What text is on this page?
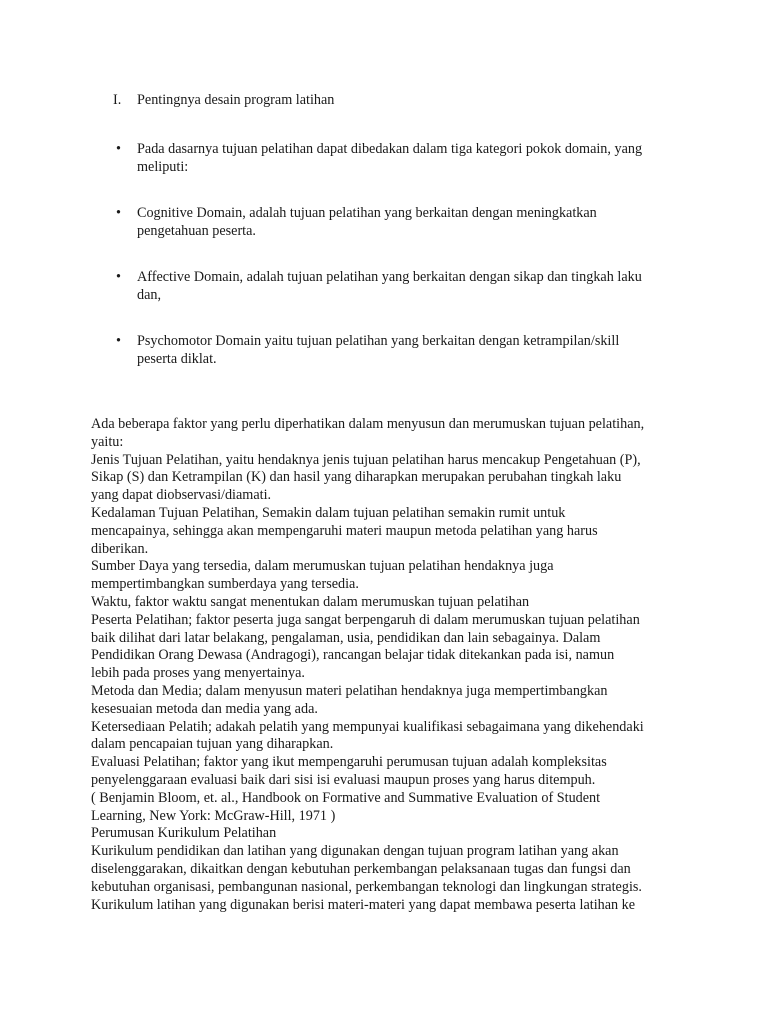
I. Pentingnya desain program latihan
• Pada dasarnya tujuan pelatihan dapat dibedakan dalam tiga kategori pokok domain, yang
meliputi:
• Cognitive Domain, adalah tujuan pelatihan yang berkaitan dengan meningkatkan
pengetahuan peserta.
• Affective Domain, adalah tujuan pelatihan yang berkaitan dengan sikap dan tingkah laku
dan,
• Psychomotor Domain yaitu tujuan pelatihan yang berkaitan dengan ketrampilan/skill
peserta diklat.
Ada beberapa faktor yang perlu diperhatikan dalam menyusun dan merumuskan tujuan pelatihan,
yaitu:
Jenis Tujuan Pelatihan, yaitu hendaknya jenis tujuan pelatihan harus mencakup Pengetahuan (P),
Sikap (S) dan Ketrampilan (K) dan hasil yang diharapkan merupakan perubahan tingkah laku
yang dapat diobservasi/diamati.
Kedalaman Tujuan Pelatihan, Semakin dalam tujuan pelatihan semakin rumit untuk
mencapainya, sehingga akan mempengaruhi materi maupun metoda pelatihan yang harus
diberikan.
Sumber Daya yang tersedia, dalam merumuskan tujuan pelatihan hendaknya juga
mempertimbangkan sumberdaya yang tersedia.
Waktu, faktor waktu sangat menentukan dalam merumuskan tujuan pelatihan
Peserta Pelatihan; faktor peserta juga sangat berpengaruh di dalam merumuskan tujuan pelatihan
baik dilihat dari latar belakang, pengalaman, usia, pendidikan dan lain sebagainya. Dalam
Pendidikan Orang Dewasa (Andragogi), rancangan belajar tidak ditekankan pada isi, namun
lebih pada proses yang menyertainya.
Metoda dan Media; dalam menyusun materi pelatihan hendaknya juga mempertimbangkan
kesesuaian metoda dan media yang ada.
Ketersediaan Pelatih; adakah pelatih yang mempunyai kualifikasi sebagaimana yang dikehendaki
dalam pencapaian tujuan yang diharapkan.
Evaluasi Pelatihan; faktor yang ikut mempengaruhi perumusan tujuan adalah kompleksitas
penyelenggaraan evaluasi baik dari sisi isi evaluasi maupun proses yang harus ditempuh.
( Benjamin Bloom, et. al., Handbook on Formative and Summative Evaluation of Student
Learning, New York: McGraw-Hill, 1971 )
Perumusan Kurikulum Pelatihan
Kurikulum pendidikan dan latihan yang digunakan dengan tujuan program latihan yang akan
diselenggarakan, dikaitkan dengan kebutuhan perkembangan pelaksanaan tugas dan fungsi dan
kebutuhan organisasi, pembangunan nasional, perkembangan teknologi dan lingkungan strategis.
Kurikulum latihan yang digunakan berisi materi-materi yang dapat membawa peserta latihan ke
